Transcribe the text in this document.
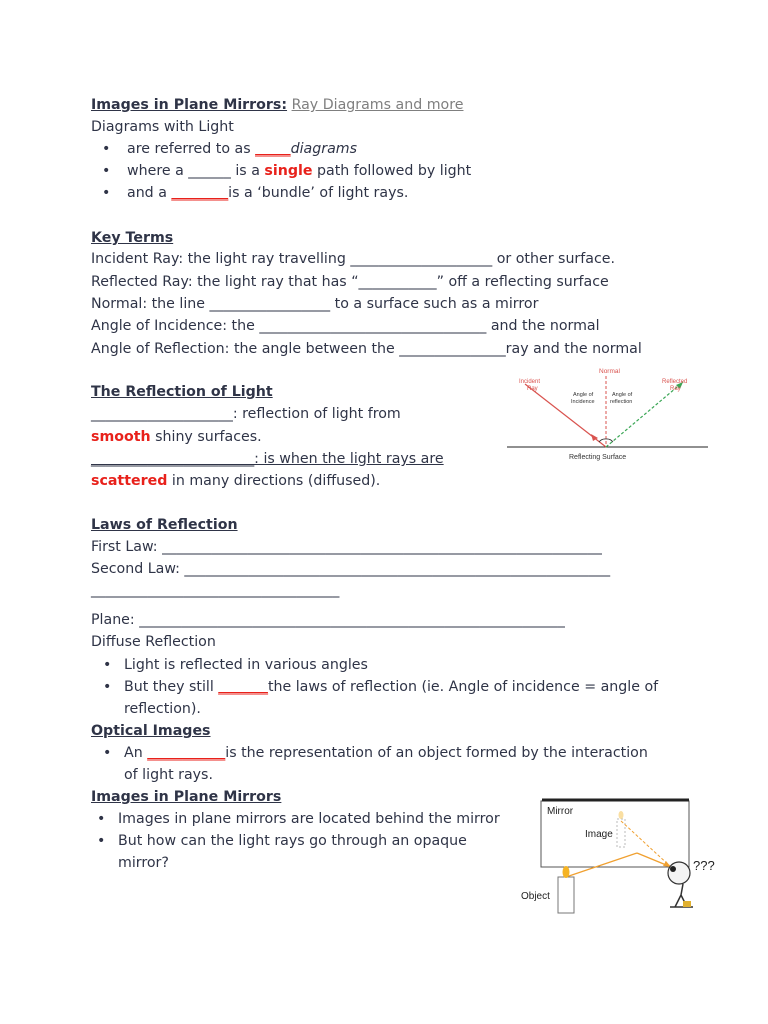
Images in Plane Mirrors: Ray Diagrams and more
Diagrams with Light
• are referred to as _____diagrams
• where a ______ is a single path followed by light
• and a ________is a ‘bundle’ of light rays.
Key Terms
Incident Ray: the light ray travelling ____________________ or other surface.
Reflected Ray: the light ray that has “___________” off a reflecting surface
Normal: the line _________________ to a surface such as a mirror
Angle of Incidence: the ________________________________ and the normal
Angle of Reflection: the angle between the _______________ray and the normal
The Reflection of Light
____________________: reflection of light from
smooth shiny surfaces.
_______________________: is when the light rays are
scattered in many directions (diffused).
Normal
Incident
Ray
Reflected
Ray
Angle of
Incidence
Angle of
reflection
Reflecting Surface
Laws of Reflection
First Law: ______________________________________________________________
Second Law: ____________________________________________________________
___________________________________
Plane: ____________________________________________________________
Diffuse Reflection
• Light is reflected in various angles
• But they still _______the laws of reflection (ie. Angle of incidence = angle of
reflection).
Optical Images
• An ___________is the representation of an object formed by the interaction
of light rays.
Images in Plane Mirrors
• Images in plane mirrors are located behind the mirror
• But how can the light rays go through an opaque
mirror?
Mirror
Image
Object
???
